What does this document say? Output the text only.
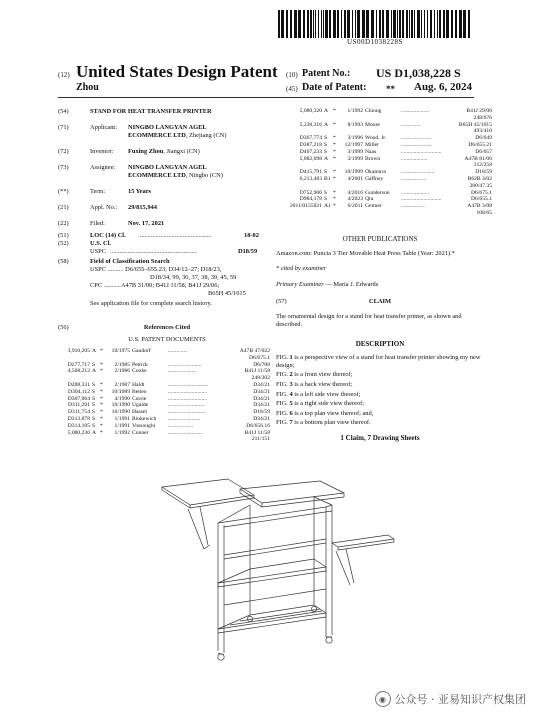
US00D1038228S
(12) United States Design Patent (10) Patent No.: US D1,038,228 S
Zhou	(45) Date of Patent: ** Aug. 6, 2024
(54)	STAND FOR HEAT TRANSFER PRINTER
(71)	Applicant: NINGBO LANGYAN AGEL
ECOMMERCE LTD, Zhejiang (CN)
(72)	Inventor: Fuxing Zhou, Jiangxi (CN)
(73)	Assignee: NINGBO LANGYAN AGEL
ECOMMERCE LTD, Ningbo (CN)
(**)	Term:	15 Years
(21)	Appl. No.: 29/815,944
(22)	Filed:	Nov. 17, 2021
(51)	LOC (14) Cl. ..............................................	18-02
(52)	U.S. Cl.
USPC ......................................................	D18/59
(58)	Field of Classification Search
USPC .......... D6/655–655.23; D34/12–27; D18/23,
D18/34, 99, 36, 37, 38, 39, 45, 59
CPC .......... A47B 31/00; B41J 11/58; B41J 29/06;
B65H 45/1015
See application file for complete search history.
(56)	References Cited
U.S. PATENT DOCUMENTS
3,910,205 A *	10/1975 Gaudorf	..............	A47B 47/022
D6/675.1
D277,717 S *	2/1985 Petrick	........................	D6/708
4,568,212 A *	2/1986 Cooke	....................	B41J 11/58
248/302
D288,331 S *	2/1987 Haldt	.............................	D34/21
D304,112 S *	10/1989 Betteo	............................	D34/21
D307,064 S *	4/1990 Currie	............................	D34/21
D311,291 S *	10/1990 Ugalde	..........................	D34/21
D311,754 S *	10/1990 Hassel	...........................	D18/59
D313,878 S *	1/1991 Rinkewich	.......................	D34/21
D314,105 S *	1/1991 Vossoughi	..................	D6/656.16
5,080,236 A *	1/1992 Conner	.........................	B41J 11/58
211/151
5,080,320 A *	1/1992 Chiong	....................	B41J 29/06
248/676
5,238,316 A *	8/1993 Moore	..............	B65H 45/1015
493/410
D367,774 S	*	3/1996 Wood, Jr.	......................	D6/649
D387,218 S	*	12/1997 Miller	......................	D6/655.21
D407,233 S	*	3/1999 Naas	.............................	D6/657
5,882,098 A *	3/1999 Brown	...................	A47B 81/06
312/258
D415,791 S	*	10/1999 Okamura	........................	D18/59
6,213,483 B1 *	4/2001 Gaffney	..................	B62B 3/02
280/47.35
D752,906 S	*	4/2016 Gunderson	....................	D6/675.1
D984,178 S	*	4/2023 Qiu	.............................	D6/655.1
2011/0155021 A1 *	6/2011 Geitner	.................	A47B 3/08
108/65
OTHER PUBLICATIONS
Amazon.com: Puncia 3 Tier Movable Heat Press Table (Year: 2021).*
* cited by examiner
Primary Examiner — Maria J. Edwards
(57)	CLAIM
The ornamental design for a stand for heat transfer printer, as shown and described.
DESCRIPTION

FIG. 1 is a perspective view of a stand for heat transfer printer showing my new design;

FIG. 2 is a front view thereof;

FIG. 3 is a back view thereof;

FIG. 4 is a left side view thereof;

FIG. 5 is a right side view thereof;

FIG. 6 is a top plan view thereof; and,

FIG. 7 is a bottom plan view thereof.

1 Claim, 7 Drawing Sheets
◉ 公众号 · 亚易知识产权集团
